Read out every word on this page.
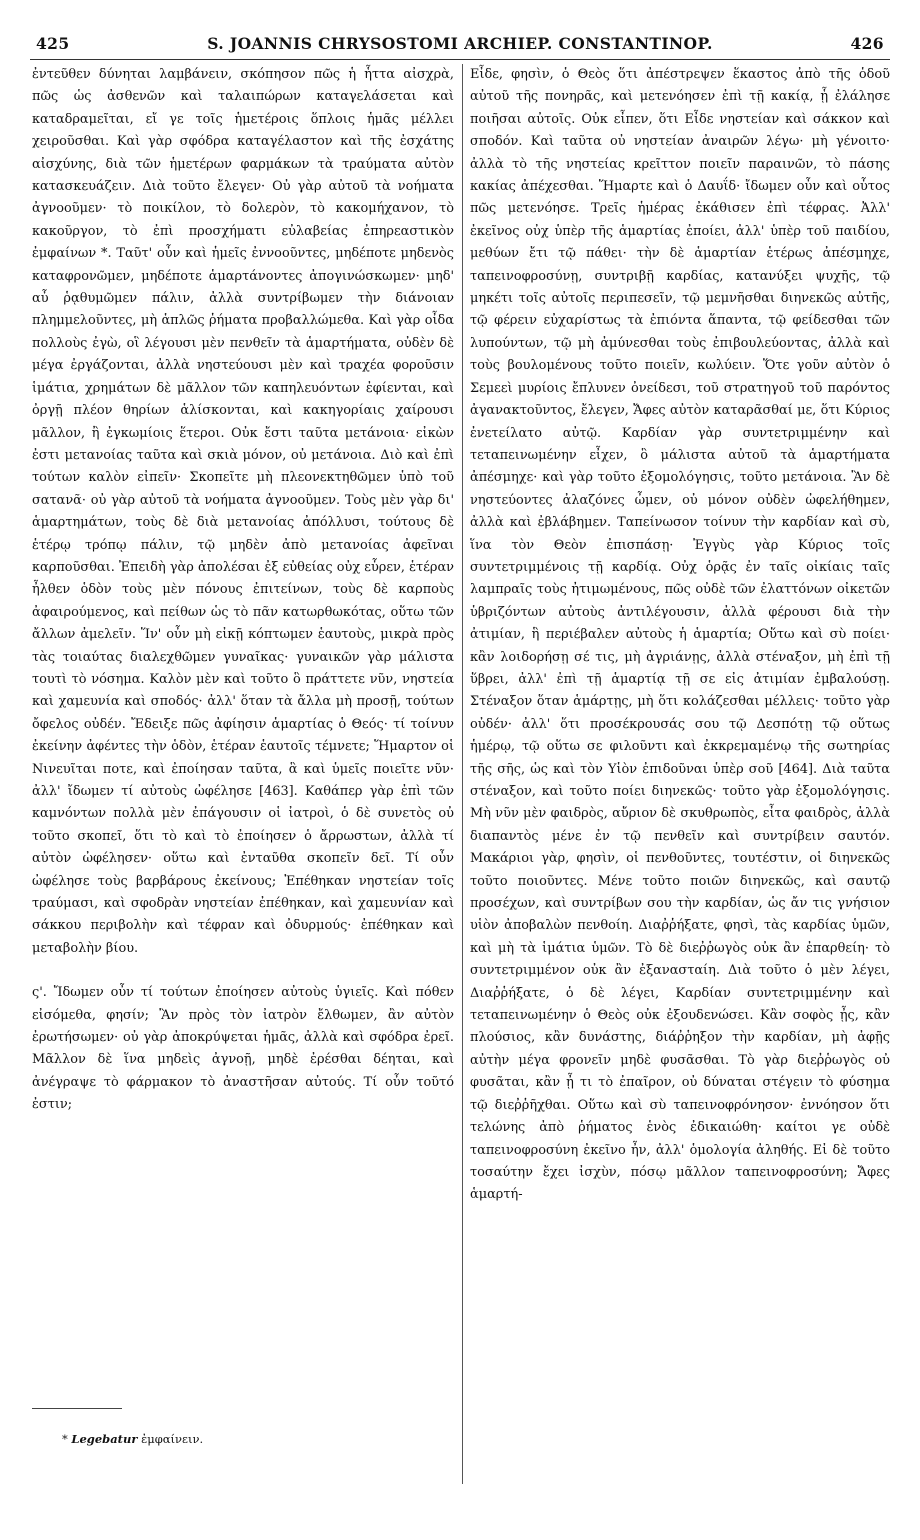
425	S. JOANNIS CHRYSOSTOMI ARCHIEP. CONSTANTINOP.	426

ἐντεῦθεν δύνηται λαμβάνειν, σκόπησον πῶς ἡ ἧττα αἰσχρὰ, πῶς ὡς ἀσθενῶν καὶ ταλαιπώρων καταγελάσεται καὶ καταδραμεῖται, εἴ γε τοῖς ἡμετέροις ὅπλοις ἡμᾶς μέλλει χειροῦσθαι. Καὶ γὰρ σφόδρα καταγέλαστον καὶ τῆς ἐσχάτης αἰσχύνης, διὰ τῶν ἡμετέρων φαρμάκων τὰ τραύματα αὐτὸν κατασκευάζειν. Διὰ τοῦτο ἔλεγεν· Οὐ γὰρ αὐτοῦ τὰ νοήματα ἀγνοοῦμεν· τὸ ποικίλον, τὸ δολερὸν, τὸ κακομήχανον, τὸ κακοῦργον, τὸ ἐπὶ προσχήματι εὐλαβείας ἐπηρεαστικὸν ἐμφαίνων *. Ταῦτ' οὖν καὶ ἡμεῖς ἐννοοῦντες, μηδέποτε μηδενὸς καταφρονῶμεν, μηδέποτε ἁμαρτάνοντες ἀπογινώσκωμεν· μηδ' αὖ ῥᾳθυμῶμεν πάλιν, ἀλλὰ συντρίβωμεν τὴν διάνοιαν πλημμελοῦντες, μὴ ἁπλῶς ῥήματα προβαλλώμεθα. Καὶ γὰρ οἶδα πολλοὺς ἐγὼ, οἳ λέγουσι μὲν πενθεῖν τὰ ἁμαρτήματα, οὐδὲν δὲ μέγα ἐργάζονται, ἀλλὰ νηστεύουσι μὲν καὶ τραχέα φοροῦσιν ἱμάτια, χρημάτων δὲ μᾶλλον τῶν καπηλευόντων ἐφίενται, καὶ ὀργῇ πλέον θηρίων ἁλίσκονται, καὶ κακηγορίαις χαίρουσι μᾶλλον, ἢ ἐγκωμίοις ἕτεροι. Οὐκ ἔστι ταῦτα μετάνοια· εἰκὼν ἐστι μετανοίας ταῦτα καὶ σκιὰ μόνον, οὐ μετάνοια. Διὸ καὶ ἐπὶ τούτων καλὸν εἰπεῖν· Σκοπεῖτε μὴ πλεονεκτηθῶμεν ὑπὸ τοῦ σατανᾶ· οὐ γὰρ αὐτοῦ τὰ νοήματα ἀγνοοῦμεν. Τοὺς μὲν γὰρ δι' ἁμαρτημάτων, τοὺς δὲ διὰ μετανοίας ἀπόλλυσι, τούτους δὲ ἑτέρῳ τρόπῳ πάλιν, τῷ μηδὲν ἀπὸ μετανοίας ἀφεῖναι καρποῦσθαι. Ἐπειδὴ γὰρ ἀπολέσαι ἐξ εὐθείας οὐχ εὗρεν, ἑτέραν ἦλθεν ὁδὸν τοὺς μὲν πόνους ἐπιτείνων, τοὺς δὲ καρποὺς ἀφαιρούμενος, καὶ πείθων ὡς τὸ πᾶν κατωρθωκότας, οὕτω τῶν ἄλλων ἀμελεῖν. Ἵν' οὖν μὴ εἰκῇ κόπτωμεν ἑαυτοὺς, μικρὰ πρὸς τὰς τοιαύτας διαλεχθῶμεν γυναῖκας· γυναικῶν γὰρ μάλιστα τουτὶ τὸ νόσημα. Καλὸν μὲν καὶ τοῦτο ὃ πράττετε νῦν, νηστεία καὶ χαμευνία καὶ σποδός· ἀλλ' ὅταν τὰ ἄλλα μὴ προσῇ, τούτων ὄφελος οὐδέν. Ἔδειξε πῶς ἀφίησιν ἁμαρτίας ὁ Θεός· τί τοίνυν ἐκείνην ἀφέντες τὴν ὁδὸν, ἑτέραν ἑαυτοῖς τέμνετε; Ἥμαρτον οἱ Νινευῖται ποτε, καὶ ἐποίησαν ταῦτα, ἃ καὶ ὑμεῖς ποιεῖτε νῦν· ἀλλ' ἴδωμεν τί αὐτοὺς ὠφέλησε [463]. Καθάπερ γὰρ ἐπὶ τῶν καμνόντων πολλὰ μὲν ἐπάγουσιν οἱ ἰατροὶ, ὁ δὲ συνετὸς οὐ τοῦτο σκοπεῖ, ὅτι τὸ καὶ τὸ ἐποίησεν ὁ ἄρρωστων, ἀλλὰ τί αὐτὸν ὠφέλησεν· οὕτω καὶ ἐνταῦθα σκοπεῖν δεῖ. Τί οὖν ὠφέλησε τοὺς βαρβάρους ἐκείνους; Ἐπέθηκαν νηστείαν τοῖς τραύμασι, καὶ σφοδρὰν νηστείαν ἐπέθηκαν, καὶ χαμευνίαν καὶ σάκκου περιβολὴν καὶ τέφραν καὶ ὀδυρμούς· ἐπέθηκαν καὶ μεταβολὴν βίου.

ς'. Ἴδωμεν οὖν τί τούτων ἐποίησεν αὐτοὺς ὑγιεῖς. Καὶ πόθεν εἰσόμεθα, φησίν; Ἂν πρὸς τὸν ἰατρὸν ἔλθωμεν, ἂν αὐτὸν ἐρωτήσωμεν· οὐ γὰρ ἀποκρύψεται ἡμᾶς, ἀλλὰ καὶ σφόδρα ἐρεῖ. Μᾶλλον δὲ ἵνα μηδεὶς ἀγνοῇ, μηδὲ ἐρέσθαι δέηται, καὶ ἀνέγραψε τὸ φάρμακον τὸ ἀναστῆσαν αὐτούς. Τί οὖν τοῦτό ἐστιν;

Εἶδε, φησὶν, ὁ Θεὸς ὅτι ἀπέστρεψεν ἕκαστος ἀπὸ τῆς ὁδοῦ αὐτοῦ τῆς πονηρᾶς, καὶ μετενόησεν ἐπὶ τῇ κακίᾳ, ᾗ ἐλάλησε ποιῆσαι αὐτοῖς. Οὐκ εἶπεν, ὅτι Εἶδε νηστείαν καὶ σάκκον καὶ σποδόν. Καὶ ταῦτα οὐ νηστείαν ἀναιρῶν λέγω· μὴ γένοιτο· ἀλλὰ τὸ τῆς νηστείας κρεῖττον ποιεῖν παραινῶν, τὸ πάσης κακίας ἀπέχεσθαι. Ἥμαρτε καὶ ὁ Δαυΐδ· ἴδωμεν οὖν καὶ οὗτος πῶς μετενόησε. Τρεῖς ἡμέρας ἐκάθισεν ἐπὶ τέφρας. Ἀλλ' ἐκεῖνος οὐχ ὑπὲρ τῆς ἁμαρτίας ἐποίει, ἀλλ' ὑπὲρ τοῦ παιδίου, μεθύων ἔτι τῷ πάθει· τὴν δὲ ἁμαρτίαν ἑτέρως ἀπέσμηχε, ταπεινοφροσύνῃ, συντριβῇ καρδίας, κατανύξει ψυχῆς, τῷ μηκέτι τοῖς αὐτοῖς περιπεσεῖν, τῷ μεμνῆσθαι διηνεκῶς αὐτῆς, τῷ φέρειν εὐχαρίστως τὰ ἐπιόντα ἅπαντα, τῷ φείδεσθαι τῶν λυπούντων, τῷ μὴ ἀμύνεσθαι τοὺς ἐπιβουλεύοντας, ἀλλὰ καὶ τοὺς βουλομένους τοῦτο ποιεῖν, κωλύειν. Ὅτε γοῦν αὐτὸν ὁ Σεμεεὶ μυρίοις ἔπλυνεν ὀνείδεσι, τοῦ στρατηγοῦ τοῦ παρόντος ἀγανακτοῦντος, ἔλεγεν, Ἄφες αὐτὸν καταρᾶσθαί με, ὅτι Κύριος ἐνετείλατο αὐτῷ. Καρδίαν γὰρ συντετριμμένην καὶ τεταπεινωμένην εἶχεν, ὃ μάλιστα αὐτοῦ τὰ ἁμαρτήματα ἀπέσμηχε· καὶ γὰρ τοῦτο ἐξομολόγησις, τοῦτο μετάνοια. Ἂν δὲ νηστεύοντες ἀλαζόνες ὦμεν, οὐ μόνον οὐδὲν ὠφελήθημεν, ἀλλὰ καὶ ἐβλάβημεν. Ταπείνωσον τοίνυν τὴν καρδίαν καὶ σὺ, ἵνα τὸν Θεὸν ἐπισπάσῃ· Ἐγγὺς γὰρ Κύριος τοῖς συντετριμμένοις τῇ καρδίᾳ. Οὐχ ὁρᾷς ἐν ταῖς οἰκίαις ταῖς λαμπραῖς τοὺς ἠτιμωμένους, πῶς οὐδὲ τῶν ἐλαττόνων οἰκετῶν ὑβριζόντων αὐτοὺς ἀντιλέγουσιν, ἀλλὰ φέρουσι διὰ τὴν ἀτιμίαν, ἣ περιέβαλεν αὐτοὺς ἡ ἁμαρτία; Οὕτω καὶ σὺ ποίει· κἂν λοιδορήσῃ σέ τις, μὴ ἀγριάνῃς, ἀλλὰ στέναξον, μὴ ἐπὶ τῇ ὕβρει, ἀλλ' ἐπὶ τῇ ἁμαρτίᾳ τῇ σε εἰς ἀτιμίαν ἐμβαλούσῃ. Στέναξον ὅταν ἁμάρτῃς, μὴ ὅτι κολάζεσθαι μέλλεις· τοῦτο γὰρ οὐδέν· ἀλλ' ὅτι προσέκρουσάς σου τῷ Δεσπότῃ τῷ οὕτως ἡμέρῳ, τῷ οὕτω σε φιλοῦντι καὶ ἐκκρεμαμένῳ τῆς σωτηρίας τῆς σῆς, ὡς καὶ τὸν Υἱὸν ἐπιδοῦναι ὑπὲρ σοῦ [464]. Διὰ ταῦτα στέναξον, καὶ τοῦτο ποίει διηνεκῶς· τοῦτο γὰρ ἐξομολόγησις. Μὴ νῦν μὲν φαιδρὸς, αὔριον δὲ σκυθρωπὸς, εἶτα φαιδρὸς, ἀλλὰ διαπαντὸς μένε ἐν τῷ πενθεῖν καὶ συντρίβειν σαυτόν. Μακάριοι γὰρ, φησὶν, οἱ πενθοῦντες, τουτέστιν, οἱ διηνεκῶς τοῦτο ποιοῦντες. Μένε τοῦτο ποιῶν διηνεκῶς, καὶ σαυτῷ προσέχων, καὶ συντρίβων σου τὴν καρδίαν, ὡς ἄν τις γνήσιον υἱὸν ἀποβαλὼν πενθοίη. Διαῤῥήξατε, φησὶ, τὰς καρδίας ὑμῶν, καὶ μὴ τὰ ἱμάτια ὑμῶν. Τὸ δὲ διεῤῥωγὸς οὐκ ἂν ἐπαρθείη· τὸ συντετριμμένον οὐκ ἂν ἐξανασταίη. Διὰ τοῦτο ὁ μὲν λέγει, Διαῤῥήξατε, ὁ δὲ λέγει, Καρδίαν συντετριμμένην καὶ τεταπεινωμένην ὁ Θεὸς οὐκ ἐξουδενώσει. Κἂν σοφὸς ᾖς, κἂν πλούσιος, κἂν δυνάστης, διάῤῥηξον τὴν καρδίαν, μὴ ἀφῇς αὐτὴν μέγα φρονεῖν μηδὲ φυσᾶσθαι. Τὸ γὰρ διεῤῥωγὸς οὐ φυσᾶται, κἂν ᾖ τι τὸ ἐπαῖρον, οὐ δύναται στέγειν τὸ φύσημα τῷ διεῤῥῆχθαι. Οὕτω καὶ σὺ ταπεινοφρόνησον· ἐννόησον ὅτι τελώνης ἀπὸ ῥήματος ἑνὸς ἐδικαιώθη· καίτοι γε οὐδὲ ταπεινοφροσύνη ἐκεῖνο ἦν, ἀλλ' ὁμολογία ἀληθής. Εἰ δὲ τοῦτο τοσαύτην ἔχει ἰσχὺν, πόσῳ μᾶλλον ταπεινοφροσύνη; Ἄφες ἁμαρτή-

* Legebatur ἐμφαίνειν.
